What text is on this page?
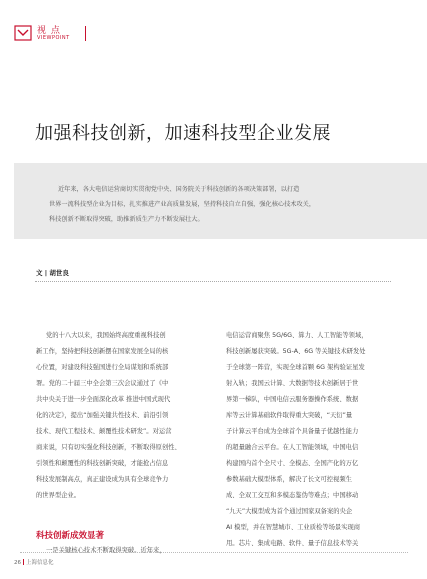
视 点
VIEWPOINT
加强科技创新，加速科技型企业发展
近年来，各大电信运营商切实贯彻党中央、国务院关于科技创新的各项决策部署，以打造
世界一流科技型企业为目标，扎实推进产业高质量发展，坚持科技自立自强，强化核心技术攻关，
科技创新不断取得突破，助推新质生产力不断发展壮大。
文 | 胡世良
党的十八大以来，我国始终高度重视科技创
新工作，坚持把科技创新摆在国家发展全局的核
心位置，对建设科技强国进行全局谋划和系统部
署。党的二十届三中全会第三次会议通过了《中
共中央关于进一步全面深化改革 推进中国式现代
化的决定》，提出“加强关键共性技术、前沿引领
技术、现代工程技术、颠覆性技术研发”。对运营
商来说，只有切实强化科技创新，不断取得原创性、
引领性和颠覆性的科技创新突破，才能抢占信息
科技发展制高点，真正建设成为具有全球竞争力
的世界型企业。
科技创新成效显著
一是关键核心技术不断取得突破。近年来，
电信运营商聚焦 5G/6G、算力、人工智能等领域，
科技创新屡获突破。5G-A、6G 等关键技术研发处
于全球第一阵营，实现全球首颗 6G 架构验证星发
射入轨；我国云计算、大数据等技术创新居于世
界第一梯队，中国电信云服务器操作系统、数据
库等云计算基础软件取得重大突破，“天衍”量
子计算云平台成为全球首个具备量子优越性能力
的超量融合云平台。在人工智能领域，中国电信
构建国内首个全尺寸、全模态、全国产化的万亿
参数基础大模型体系，解决了长文可控视频生
成、全双工交互和多模态鉴伪等难点；中国移动
“九天”大模型成为首个通过国家双备案的央企
AI 模型，并在智慧城市、工业质检等场景实现商
用。芯片、集成电路、软件、量子信息技术等关
26 上海信息化
